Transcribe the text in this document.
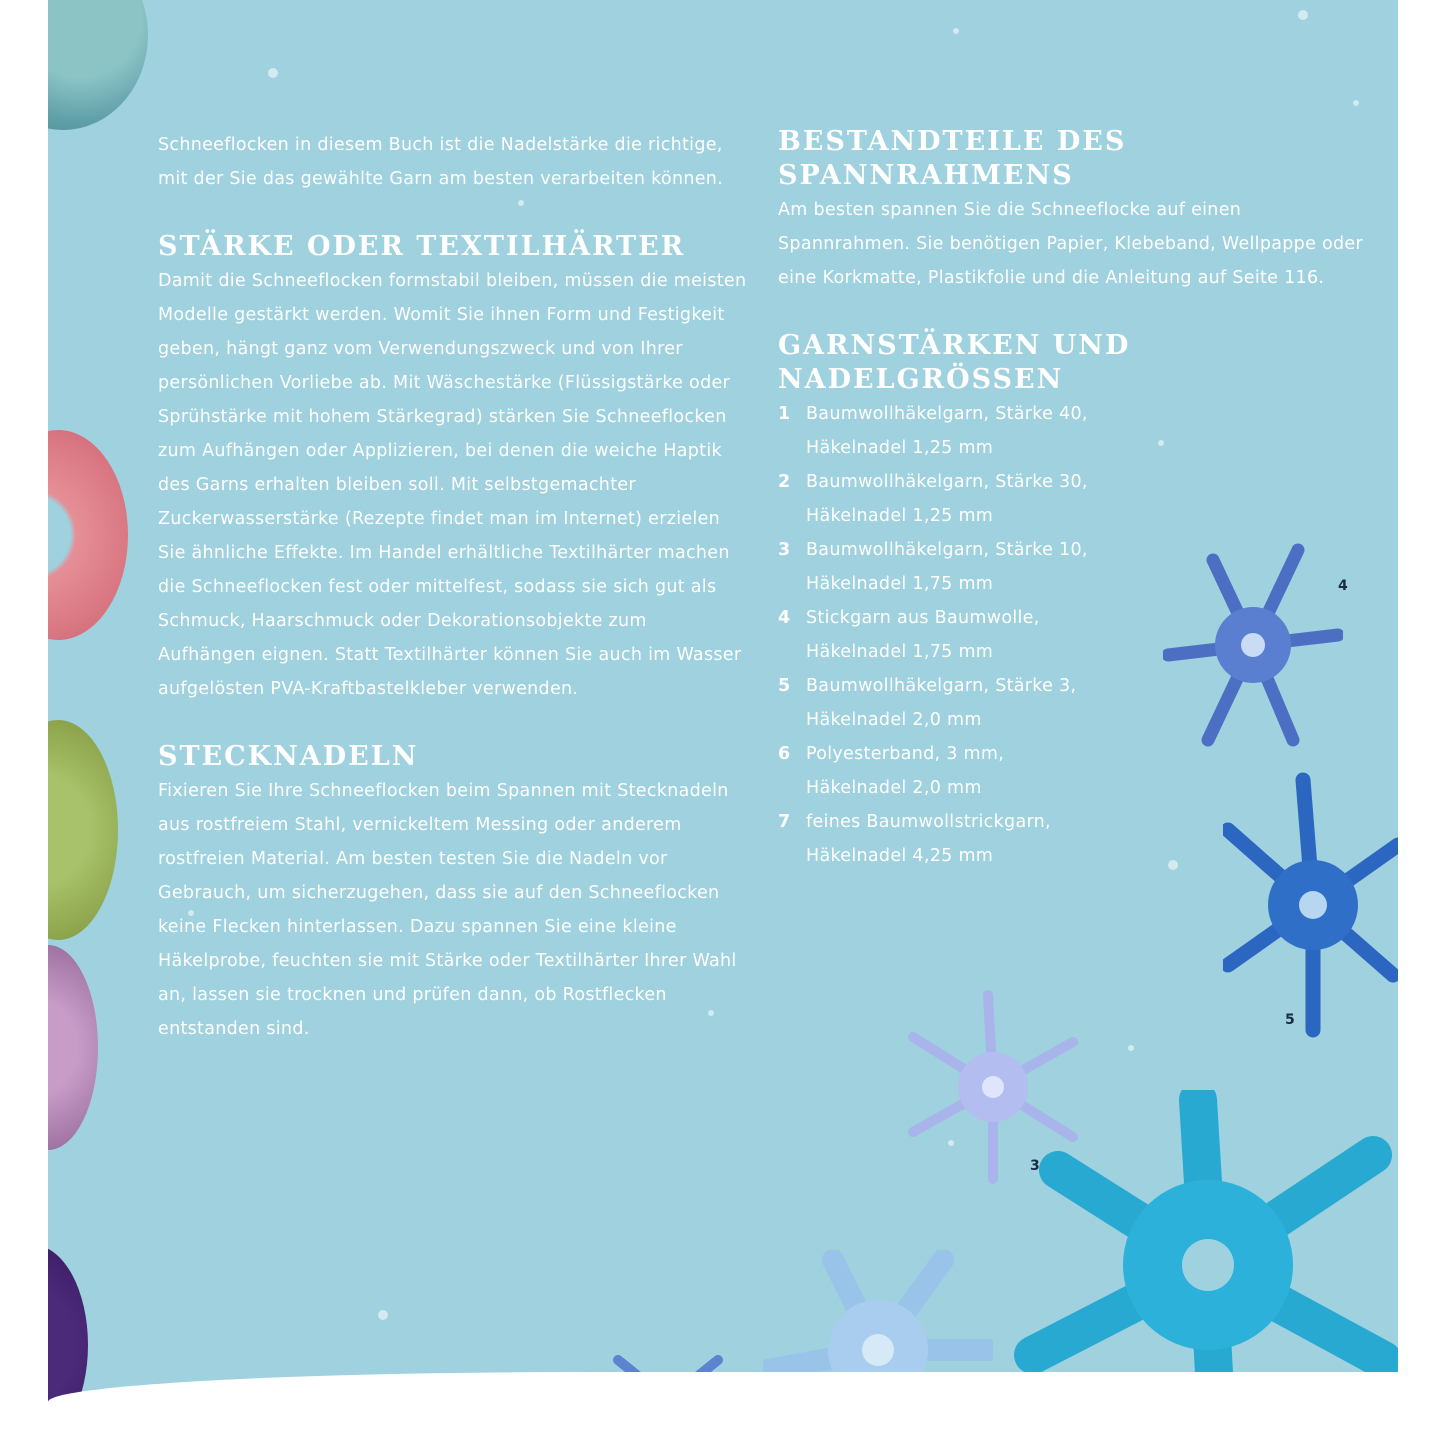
Schneeflocken in diesem Buch ist die Nadelstärke die richtige, mit der Sie das gewählte Garn am besten verarbeiten können.

STÄRKE ODER TEXTILHÄRTER

Damit die Schneeflocken formstabil bleiben, müssen die meisten Modelle gestärkt werden. Womit Sie ihnen Form und Festigkeit geben, hängt ganz vom Verwendungszweck und von Ihrer persönlichen Vorliebe ab. Mit Wäschestärke (Flüssigstärke oder Sprühstärke mit hohem Stärkegrad) stärken Sie Schneeflocken zum Aufhängen oder Applizieren, bei denen die weiche Haptik des Garns erhalten bleiben soll. Mit selbstgemachter Zuckerwasserstärke (Rezepte findet man im Internet) erzielen Sie ähnliche Effekte. Im Handel erhältliche Textilhärter machen die Schneeflocken fest oder mittelfest, sodass sie sich gut als Schmuck, Haarschmuck oder Dekorationsobjekte zum Aufhängen eignen. Statt Textilhärter können Sie auch im Wasser aufgelösten PVA-Kraftbastelkleber verwenden.

STECKNADELN

Fixieren Sie Ihre Schneeflocken beim Spannen mit Stecknadeln aus rostfreiem Stahl, vernickeltem Messing oder anderem rostfreien Material. Am besten testen Sie die Nadeln vor Gebrauch, um sicherzugehen, dass sie auf den Schneeflocken keine Flecken hinterlassen. Dazu spannen Sie eine kleine Häkelprobe, feuchten sie mit Stärke oder Textilhärter Ihrer Wahl an, lassen sie trocknen und prüfen dann, ob Rostflecken entstanden sind.

BESTANDTEILE DES SPANNRAHMENS

Am besten spannen Sie die Schneeflocke auf einen Spannrahmen. Sie benötigen Papier, Klebeband, Wellpappe oder eine Korkmatte, Plastikfolie und die Anleitung auf Seite 116.

GARNSTÄRKEN UND NADELGRÖSSEN
1 Baumwollhäkelgarn, Stärke 40,
Häkelnadel 1,25 mm
2 Baumwollhäkelgarn, Stärke 30,
Häkelnadel 1,25 mm
3 Baumwollhäkelgarn, Stärke 10,
Häkelnadel 1,75 mm
4 Stickgarn aus Baumwolle,
Häkelnadel 1,75 mm
5 Baumwollhäkelgarn, Stärke 3,
Häkelnadel 2,0 mm
6 Polyesterband, 3 mm,
Häkelnadel 2,0 mm
7 feines Baumwollstrickgarn,
Häkelnadel 4,25 mm
4
5
3
